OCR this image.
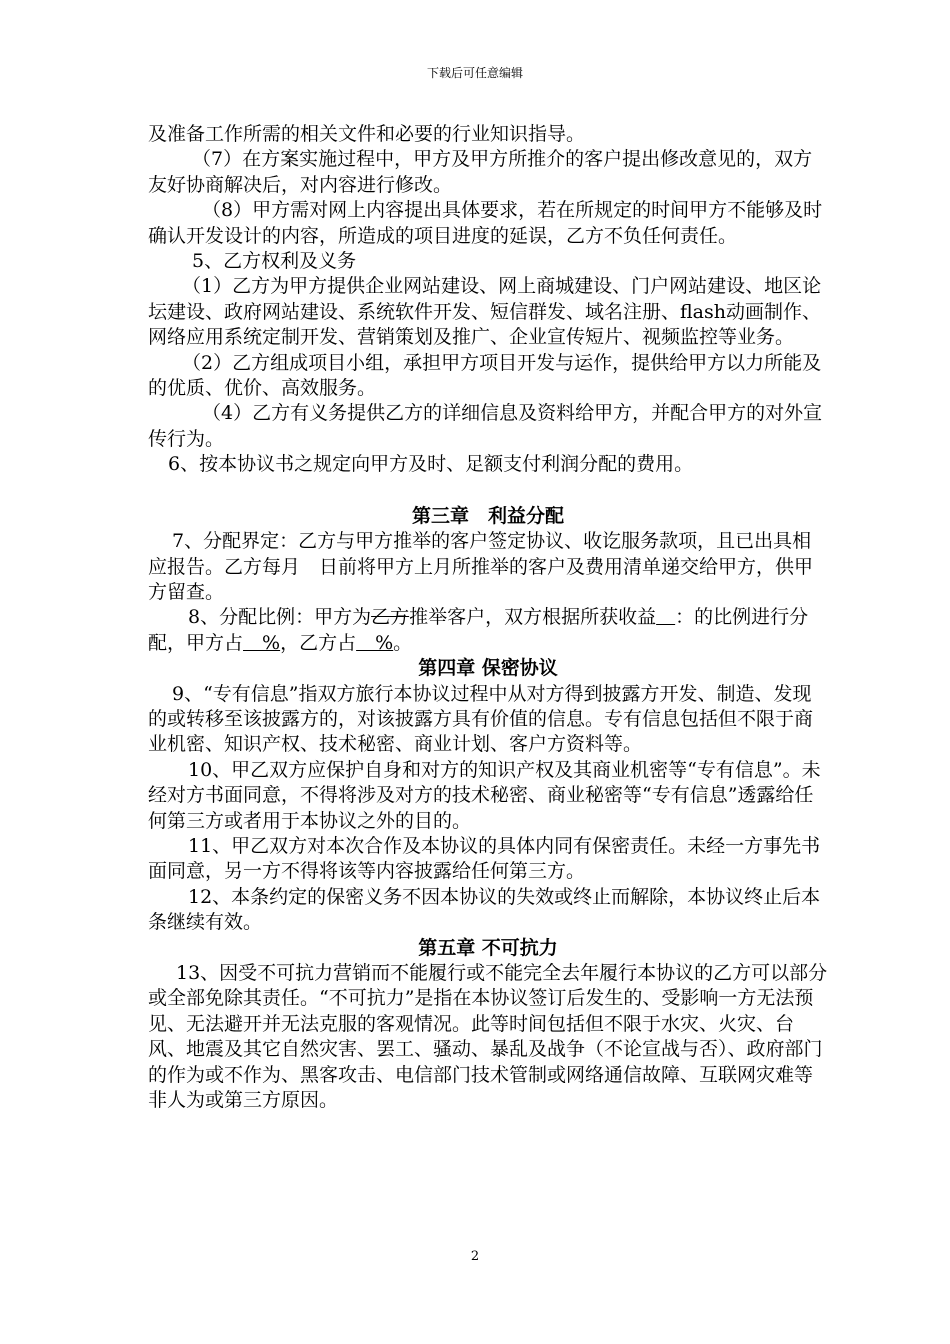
下载后可任意编辑

及准备工作所需的相关文件和必要的行业知识指导。

（7）在方案实施过程中，甲方及甲方所推介的客户提出修改意见的，双方友好协商解决后，对内容进行修改。

（8）甲方需对网上内容提出具体要求，若在所规定的时间甲方不能够及时确认开发设计的内容，所造成的项目进度的延误，乙方不负任何责任。

5、乙方权利及义务

（1）乙方为甲方提供企业网站建设、网上商城建设、门户网站建设、地区论坛建设、政府网站建设、系统软件开发、短信群发、域名注册、flash动画制作、网络应用系统定制开发、营销策划及推广、企业宣传短片、视频监控等业务。

（2）乙方组成项目小组，承担甲方项目开发与运作，提供给甲方以力所能及的优质、优价、高效服务。

（4）乙方有义务提供乙方的详细信息及资料给甲方，并配合甲方的对外宣传行为。

6、按本协议书之规定向甲方及时、足额支付利润分配的费用。

第三章　利益分配

7、分配界定：乙方与甲方推举的客户签定协议、收讫服务款项，且已出具相应报告。乙方每月　日前将甲方上月所推举的客户及费用清单递交给甲方，供甲方留查。

8、分配比例：甲方为乙方推举客户，双方根据所获收益　 ：的比例进行分配，甲方占　%，乙方占　%。

第四章 保密协议

9、“专有信息”指双方旅行本协议过程中从对方得到披露方开发、制造、发现的或转移至该披露方的，对该披露方具有价值的信息。专有信息包括但不限于商业机密、知识产权、技术秘密、商业计划、客户方资料等。

10、甲乙双方应保护自身和对方的知识产权及其商业机密等“专有信息”。未经对方书面同意，不得将涉及对方的技术秘密、商业秘密等“专有信息”透露给任何第三方或者用于本协议之外的目的。

11、甲乙双方对本次合作及本协议的具体内同有保密责任。未经一方事先书面同意，另一方不得将该等内容披露给任何第三方。

12、本条约定的保密义务不因本协议的失效或终止而解除，本协议终止后本条继续有效。

第五章 不可抗力

13、因受不可抗力营销而不能履行或不能完全去年履行本协议的乙方可以部分或全部免除其责任。“不可抗力”是指在本协议签订后发生的、受影响一方无法预见、无法避开并无法克服的客观情况。此等时间包括但不限于水灾、火灾、台风、地震及其它自然灾害、罢工、骚动、暴乱及战争（不论宣战与否）、政府部门的作为或不作为、黑客攻击、电信部门技术管制或网络通信故障、互联网灾难等非人为或第三方原因。

2
